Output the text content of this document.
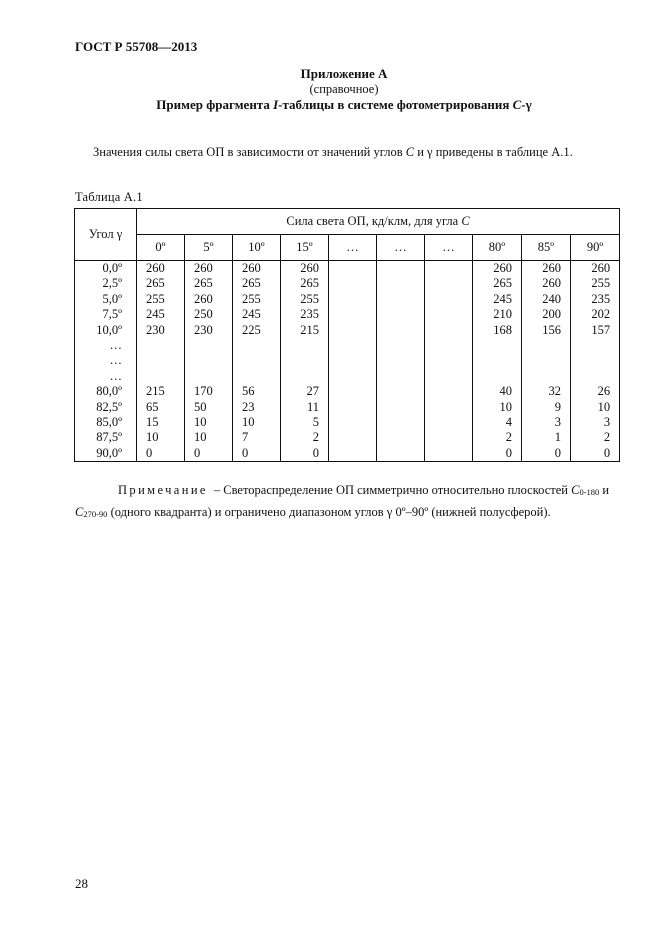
ГОСТ Р 55708—2013
Приложение А
(справочное)
Пример фрагмента I-таблицы в системе фотометрирования C-γ
Значения силы света ОП в зависимости от значений углов C и γ приведены в таблице А.1.
Таблица А.1
Угол γ	Сила света ОП, кд/клм, для угла C									
	0º	5º	10º	15º	…	…	…	80º	85º	90º
0,0º	260	260	260	260				260	260	260
2,5º	265	265	265	265				265	260	255
5,0º	255	260	255	255				245	240	235
7,5º	245	250	245	235				210	200	202
10,0º	230	230	225	215				168	156	157
…										
…										
…										
80,0º	215	170	56	27				40	32	26
82,5º	65	50	23	11				10	9	10
85,0º	15	10	10	5				4	3	3
87,5º	10	10	7	2				2	1	2
90,0º	0	0	0	0				0	0	0
Примечание – Светораспределение ОП симметрично относительно плоскостей $C_{0-180}$ и $C_{270-90}$ (одного квадранта) и ограничено диапазоном углов γ 0º–90º (нижней полусферой).
28
